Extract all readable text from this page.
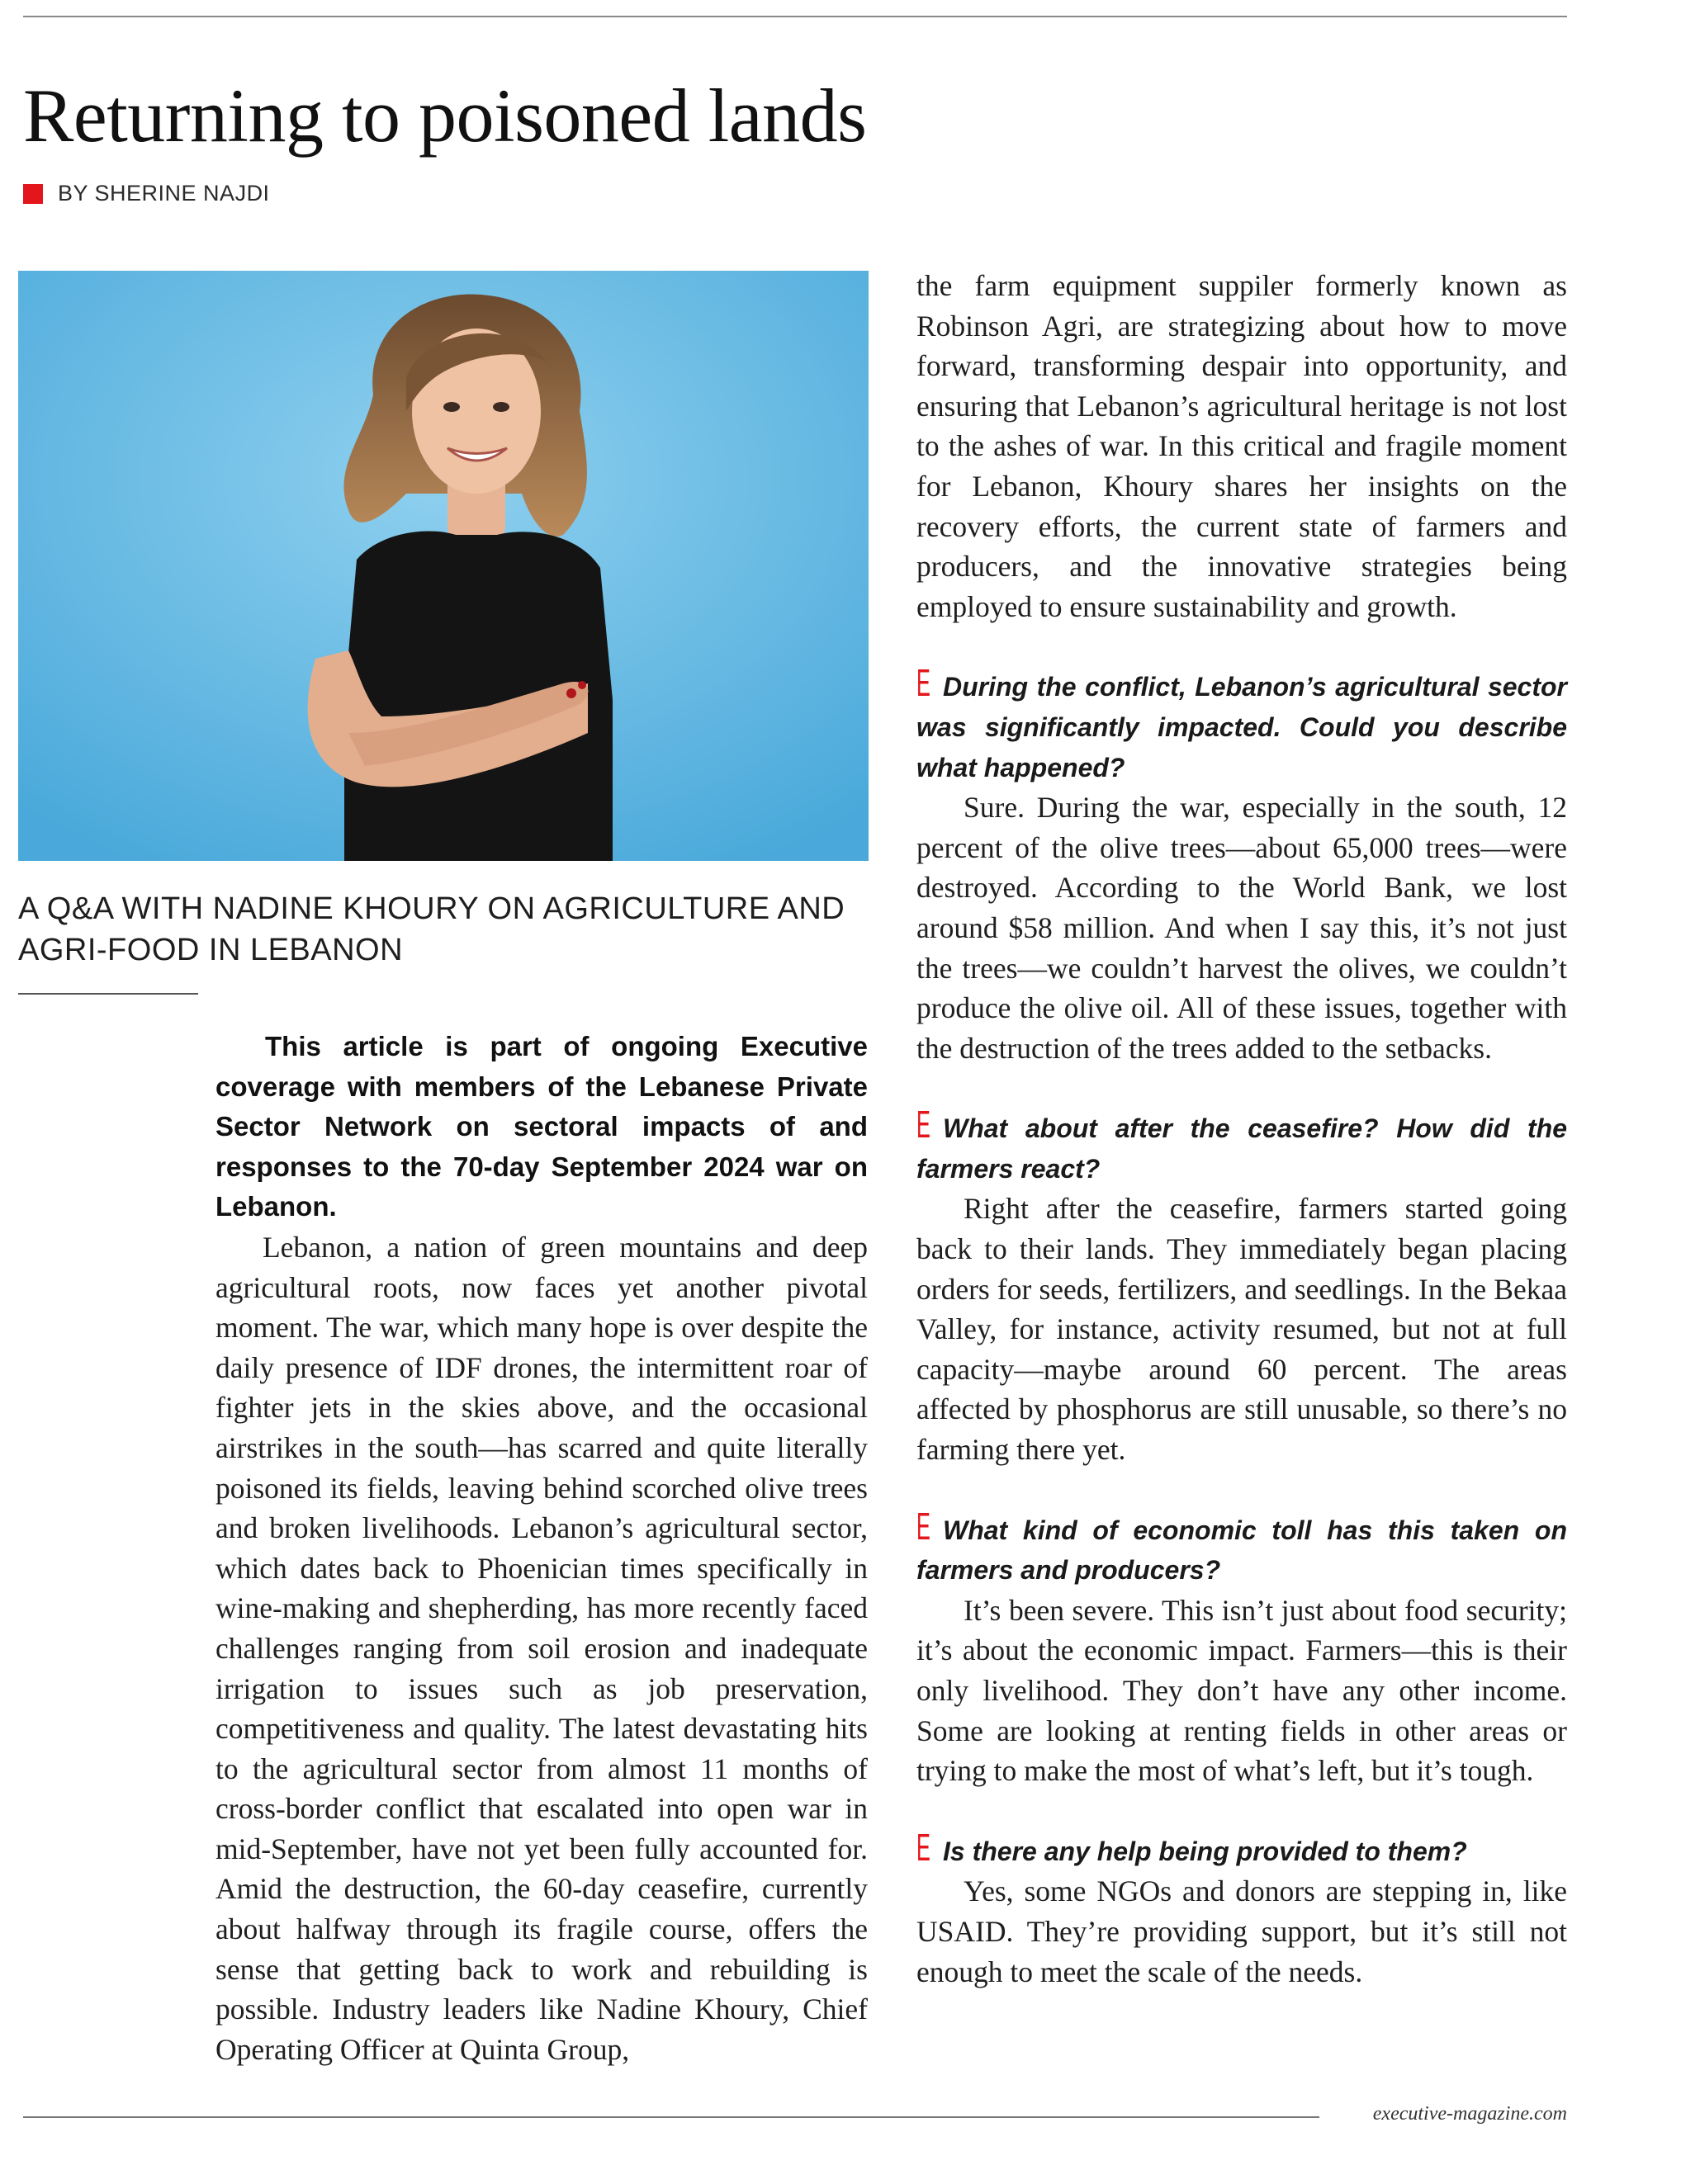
Returning to poisoned lands
BY SHERINE NAJDI
A Q&A WITH NADINE KHOURY ON AGRICULTURE AND AGRI-FOOD IN LEBANON

This article is part of ongoing Executive coverage with members of the Lebanese Private Sector Network on sectoral impacts of and responses to the 70-day September 2024 war on Lebanon.

Lebanon, a nation of green mountains and deep agricultural roots, now faces yet another pivotal moment. The war, which many hope is over despite the daily presence of IDF drones, the intermittent roar of fighter jets in the skies above, and the occasional airstrikes in the south—has scarred and quite literally poisoned its fields, leaving behind scorched olive trees and broken livelihoods. Lebanon’s agricultural sector, which dates back to Phoenician times specifically in wine-making and shepherding, has more recently faced challenges ranging from soil erosion and inadequate irrigation to issues such as job preservation, competitiveness and quality. The latest devastating hits to the agricultural sector from almost 11 months of cross-border conflict that escalated into open war in mid-September, have not yet been fully accounted for. Amid the destruction, the 60-day ceasefire, currently about halfway through its fragile course, offers the sense that getting back to work and rebuilding is possible. Industry leaders like Nadine Khoury, Chief Operating Officer at Quinta Group,

the farm equipment suppiler formerly known as Robinson Agri, are strategizing about how to move forward, transforming despair into opportunity, and ensuring that Lebanon’s agricultural heritage is not lost to the ashes of war. In this critical and fragile moment for Lebanon, Khoury shares her insights on the recovery efforts, the current state of farmers and producers, and the innovative strategies being employed to ensure sustainability and growth.

E During the conflict, Lebanon’s agricultural sector was significantly impacted. Could you describe what happened?

Sure. During the war, especially in the south, 12 percent of the olive trees—about 65,000 trees—were destroyed. According to the World Bank, we lost around $58 million. And when I say this, it’s not just the trees—we couldn’t harvest the olives, we couldn’t produce the olive oil. All of these issues, together with the destruction of the trees added to the setbacks.

E What about after the ceasefire? How did the farmers react?

Right after the ceasefire, farmers started going back to their lands. They immediately began placing orders for seeds, fertilizers, and seedlings. In the Bekaa Valley, for instance, activity resumed, but not at full capacity—maybe around 60 percent. The areas affected by phosphorus are still unusable, so there’s no farming there yet.

E What kind of economic toll has this taken on farmers and producers?

It’s been severe. This isn’t just about food security; it’s about the economic impact. Farmers—this is their only livelihood. They don’t have any other income. Some are looking at renting fields in other areas or trying to make the most of what’s left, but it’s tough.

E Is there any help being provided to them?

Yes, some NGOs and donors are stepping in, like USAID. They’re providing support, but it’s still not enough to meet the scale of the needs.

executive-magazine.com
